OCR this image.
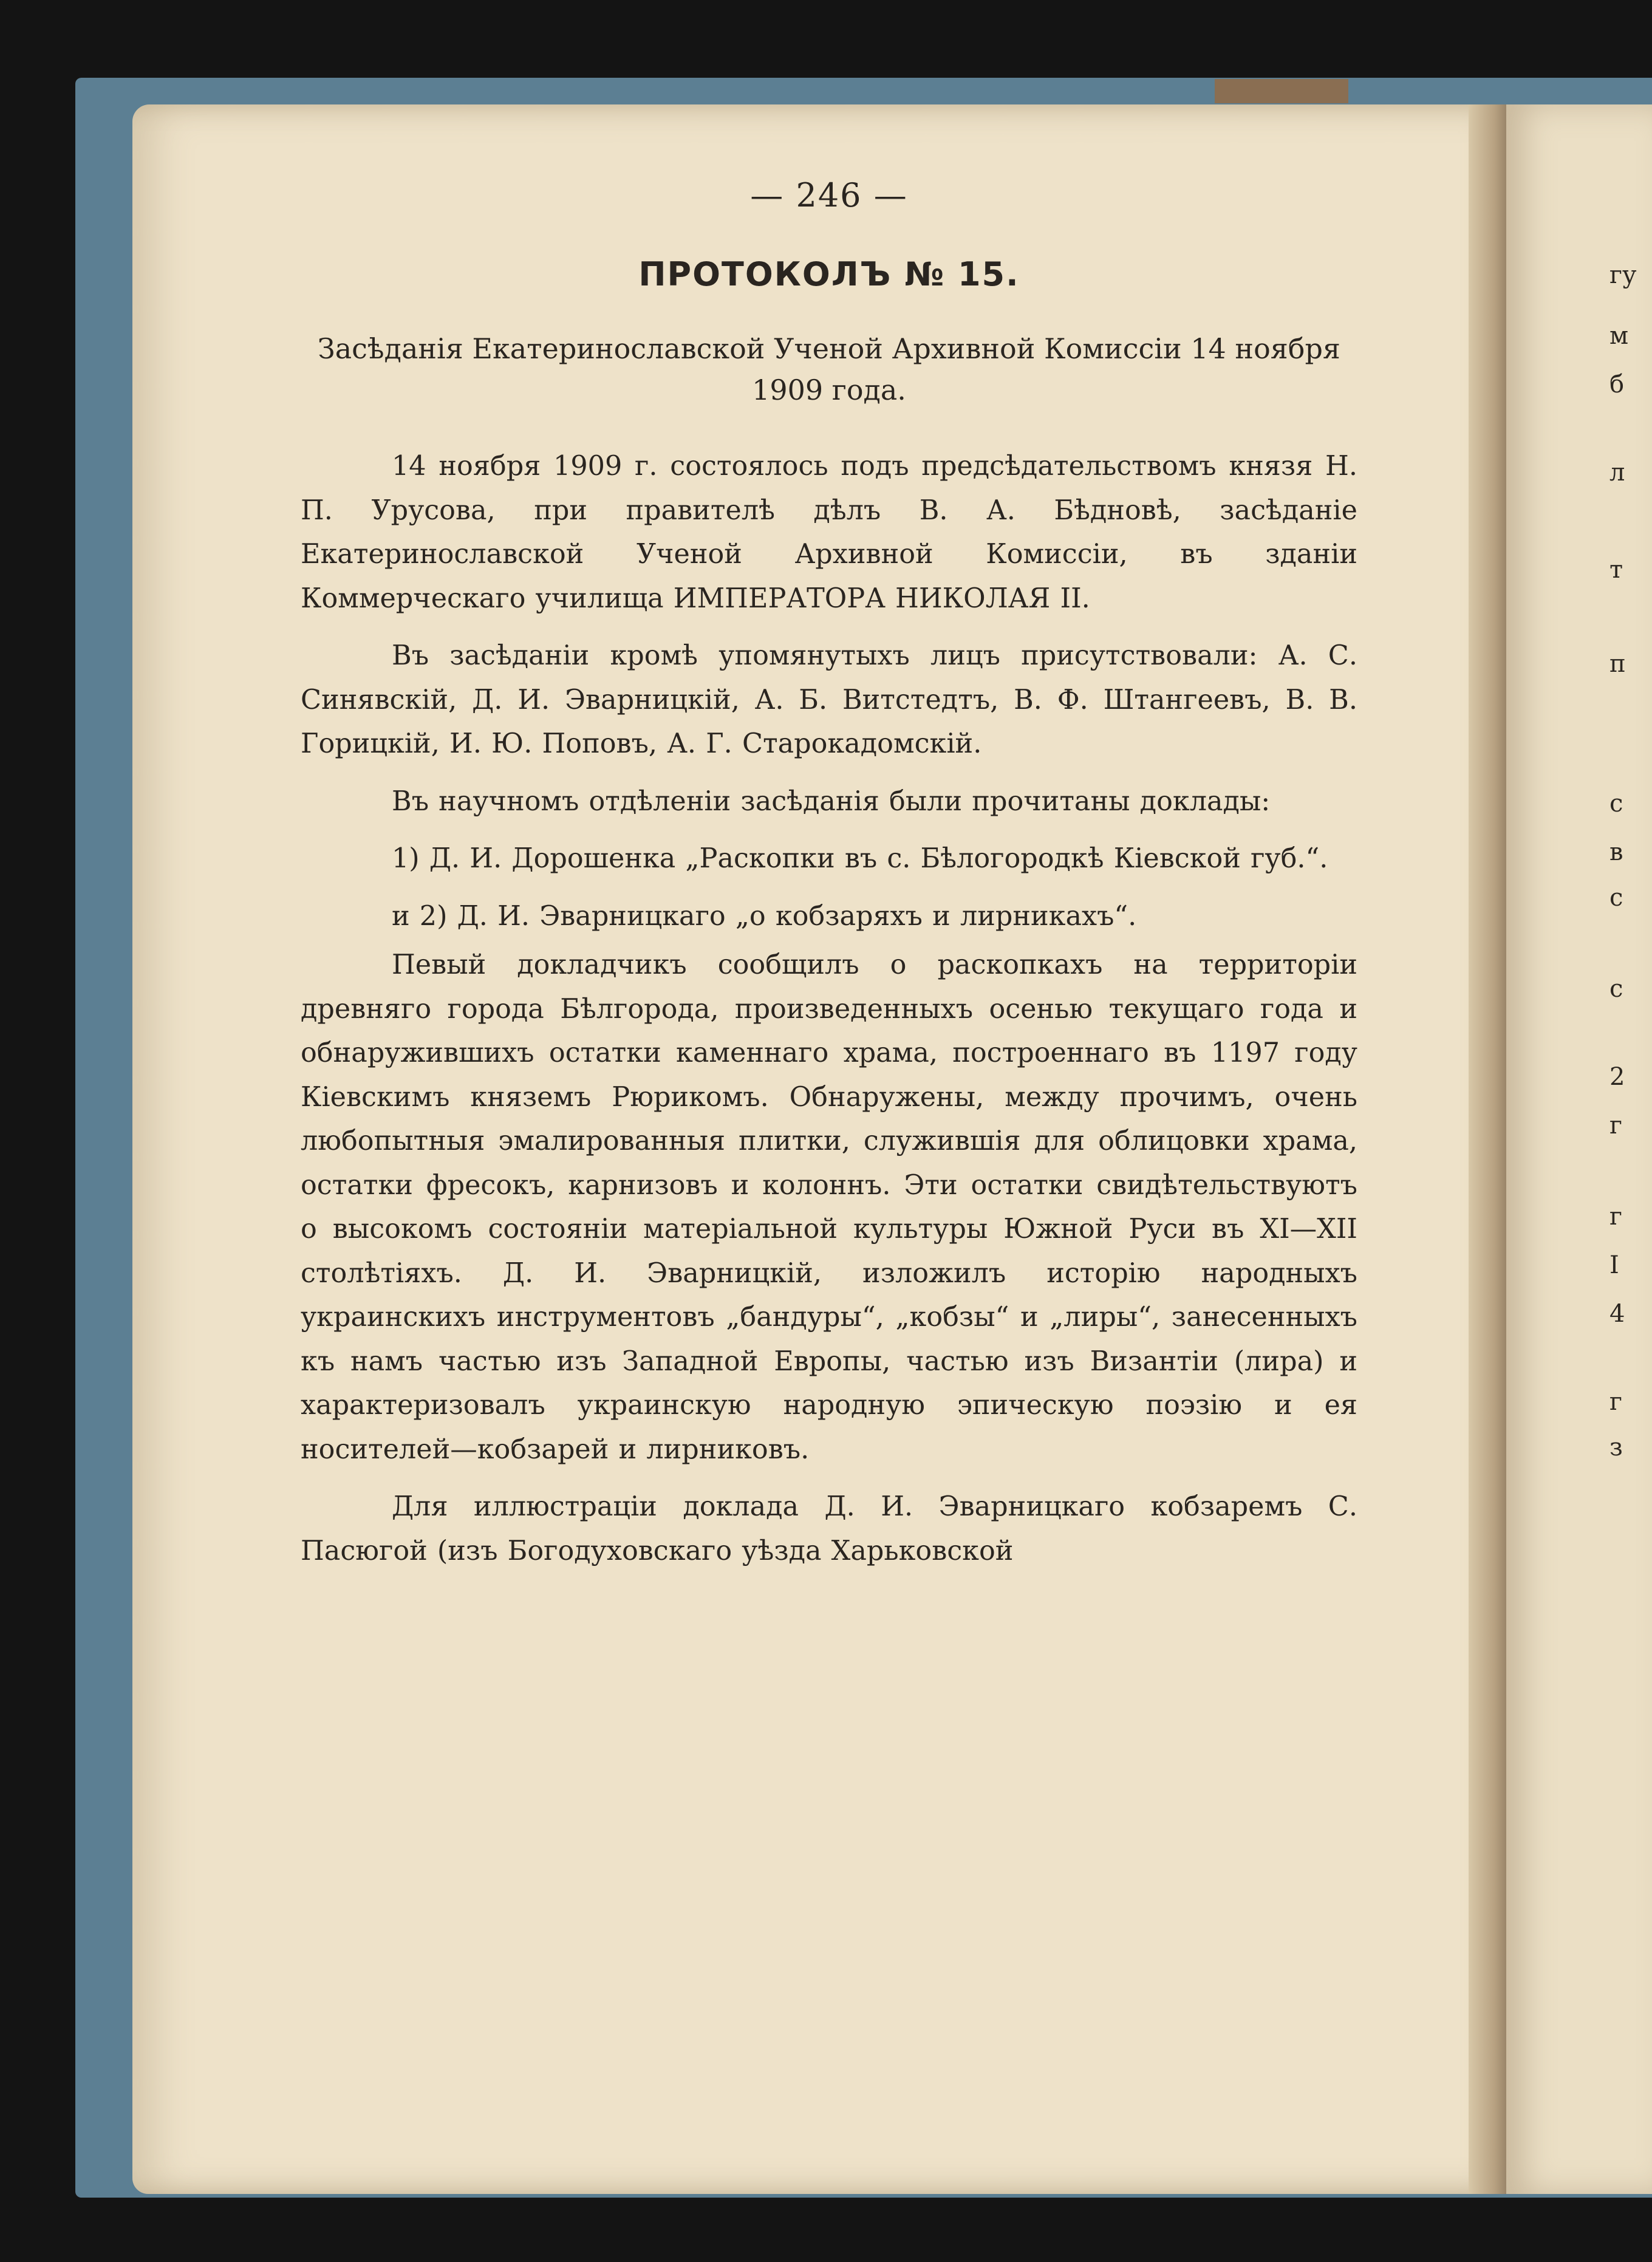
гу
м
б
л
т
п
с
в
с
с
2
г
г
І
4
г
з
— 246 —
ПРОТОКОЛЪ № 15.
Засѣданія Екатеринославской Ученой Архивной Комиссіи 14 ноября 1909 года.

14 ноября 1909 г. состоялось подъ предсѣдательствомъ князя Н. П. Урусова, при правителѣ дѣлъ В. А. Бѣдновѣ, засѣданіе Екатеринославской Ученой Архивной Комиссіи, въ зданіи Коммерческаго училища ИМПЕРАТОРА НИКОЛАЯ II.

Въ засѣданіи кромѣ упомянутыхъ лицъ присутствовали: А. С. Синявскій, Д. И. Эварницкій, А. Б. Витстедтъ, В. Ф. Штангеевъ, В. В. Горицкій, И. Ю. Поповъ, А. Г. Старокадомскій.

Въ научномъ отдѣленіи засѣданія были прочитаны доклады:

1) Д. И. Дорошенка „Раскопки въ с. Бѣлогородкѣ Кіевской губ.“.

и 2) Д. И. Эварницкаго „о кобзаряхъ и лирникахъ“.

Певый докладчикъ сообщилъ о раскопкахъ на территоріи древняго города Бѣлгорода, произведенныхъ осенью текущаго года и обнаружившихъ остатки каменнаго храма, построеннаго въ 1197 году Кіевскимъ княземъ Рюрикомъ. Обнаружены, между прочимъ, очень любопытныя эмалированныя плитки, служившія для облицовки храма, остатки фресокъ, карнизовъ и колоннъ. Эти остатки свидѣтельствуютъ о высокомъ состояніи матеріальной культуры Южной Руси въ XI—XII столѣтіяхъ. Д. И. Эварницкій, изложилъ исторію народныхъ украинскихъ инструментовъ „бандуры“, „кобзы“ и „лиры“, занесенныхъ къ намъ частью изъ Западной Европы, частью изъ Византіи (лира) и характеризовалъ украинскую народную эпическую поэзію и ея носителей—кобзарей и лирниковъ.

Для иллюстраціи доклада Д. И. Эварницкаго кобзаремъ С. Пасюгой (изъ Богодуховскаго уѣзда Харьковской
